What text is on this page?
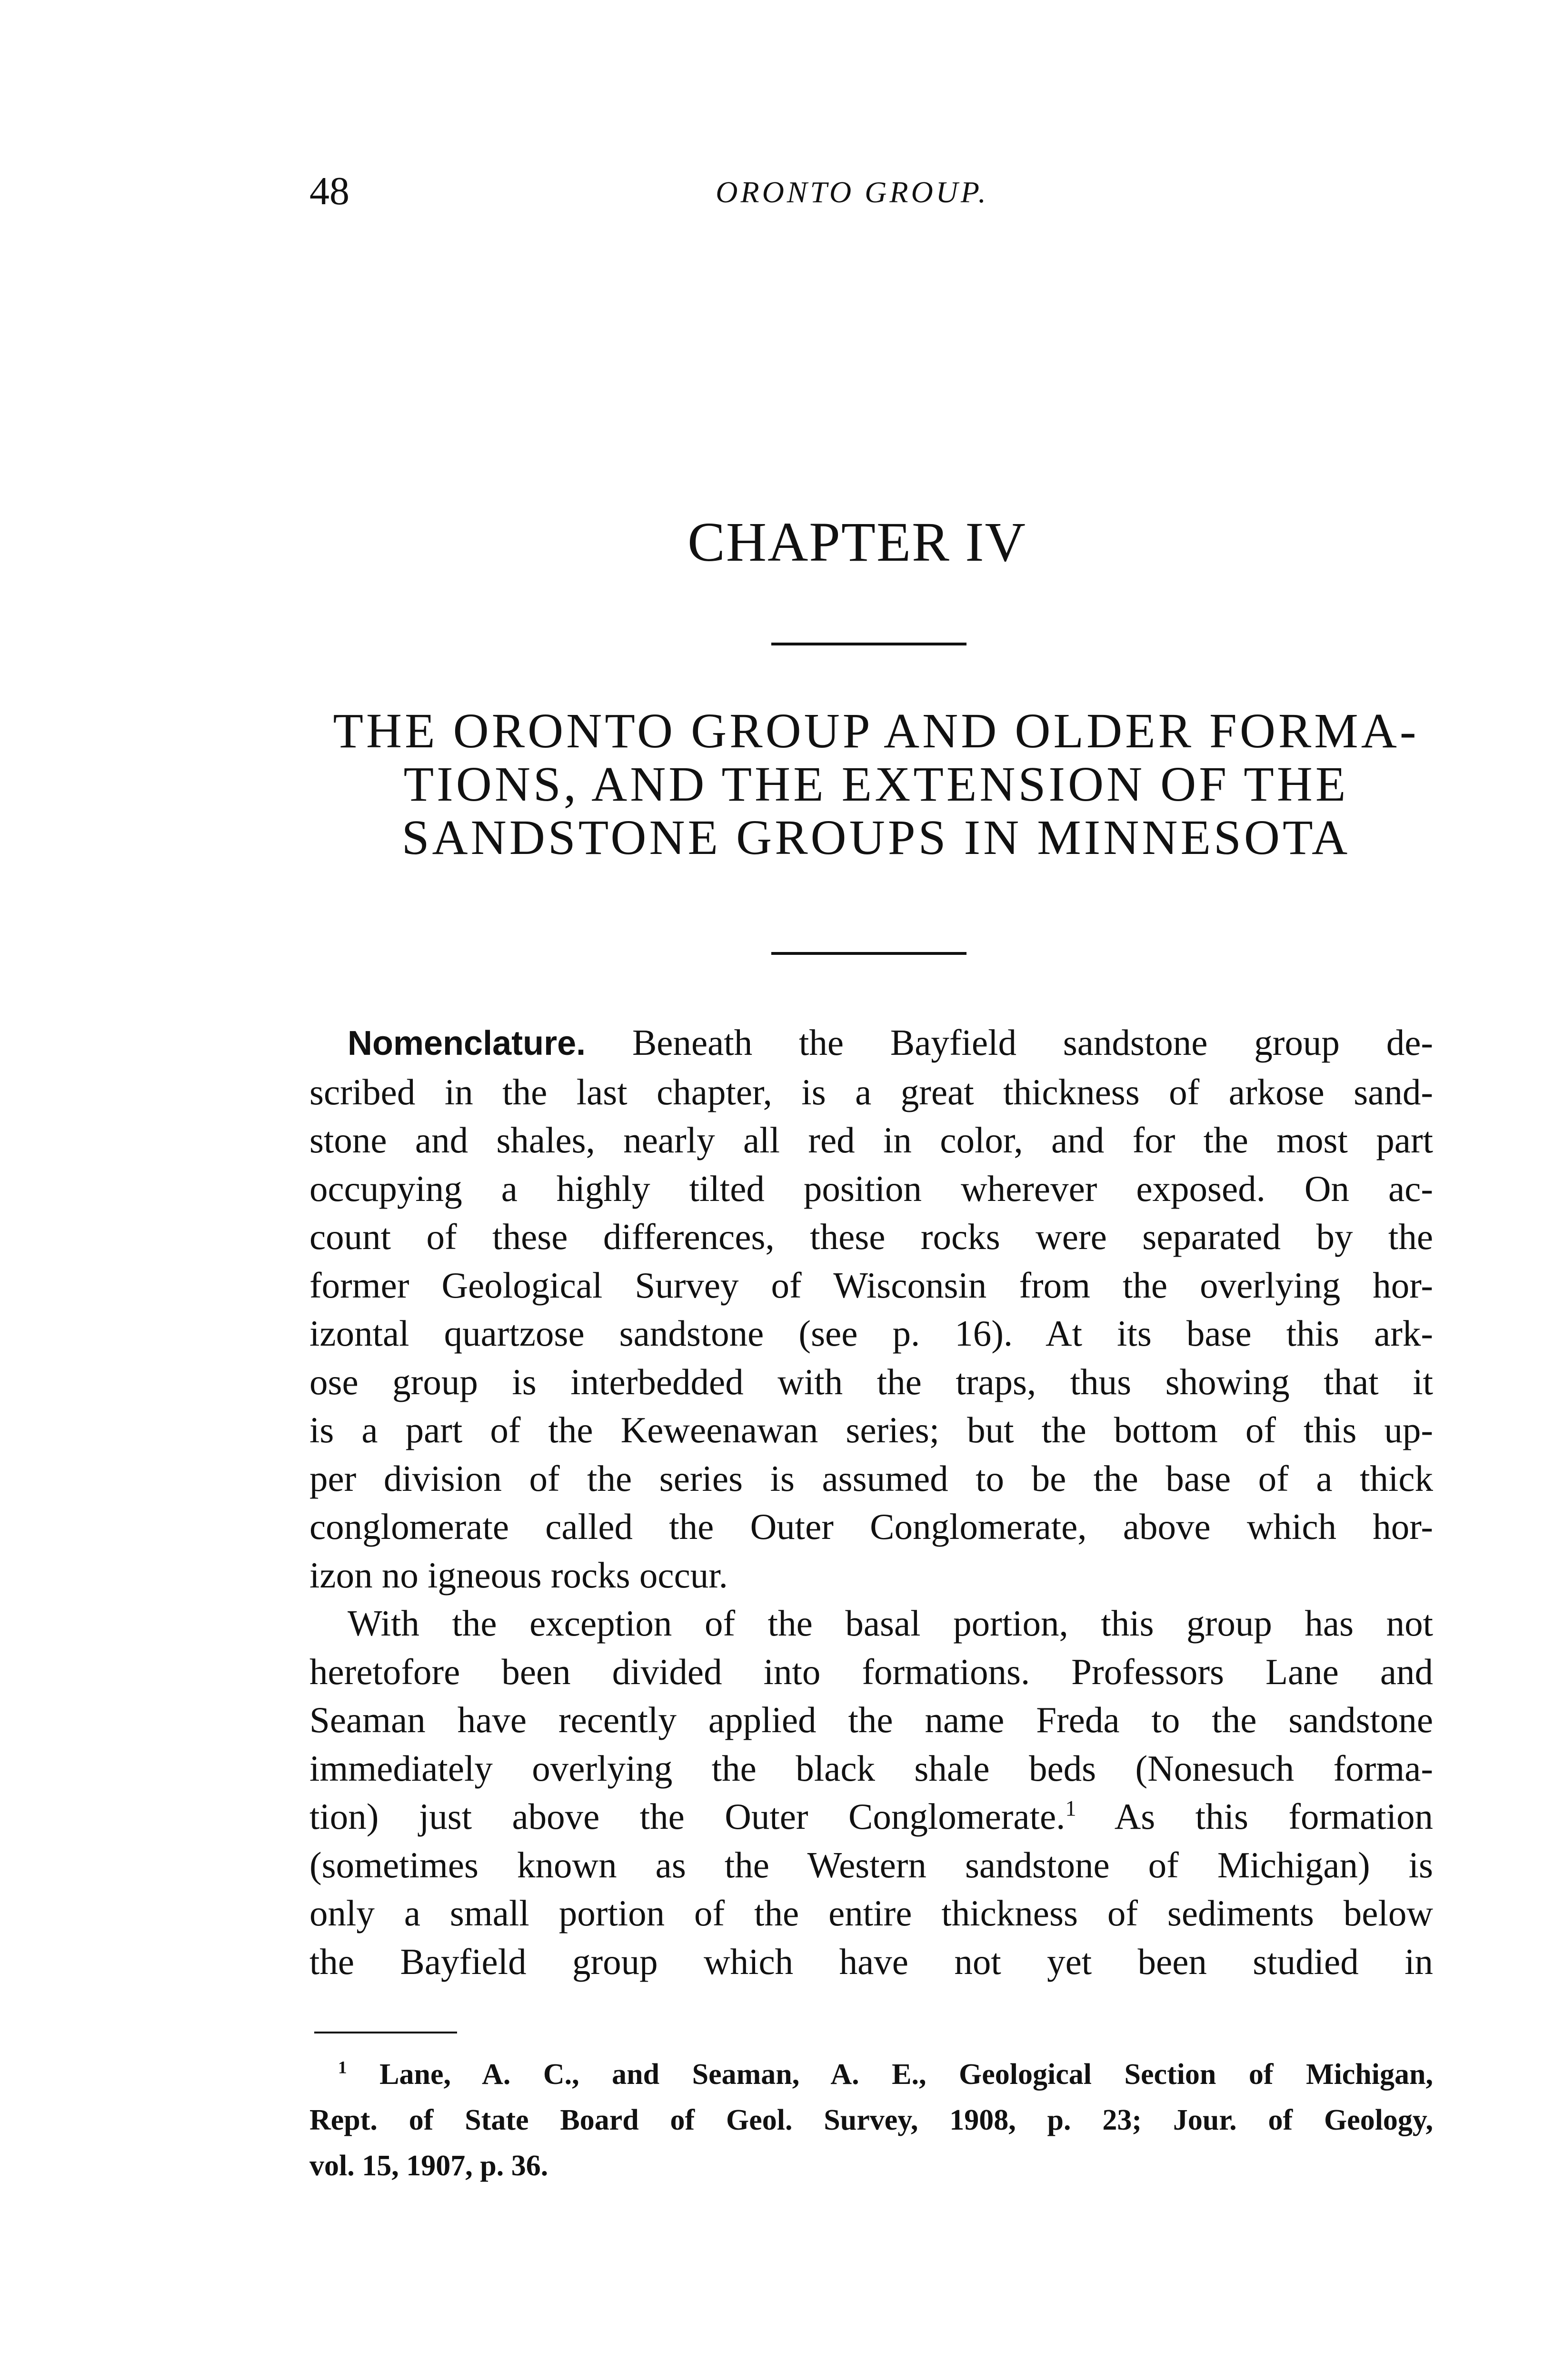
48	ORONTO GROUP.
CHAPTER IV
THE ORONTO GROUP AND OLDER FORMA-
TIONS, AND THE EXTENSION OF THE
SANDSTONE GROUPS IN MINNESOTA
Nomenclature. Beneath the Bayfield sandstone group de-
scribed in the last chapter, is a great thickness of arkose sand-
stone and shales, nearly all red in color, and for the most part
occupying a highly tilted position wherever exposed. On ac-
count of these differences, these rocks were separated by the
former Geological Survey of Wisconsin from the overlying hor-
izontal quartzose sandstone (see p. 16). At its base this ark-
ose group is interbedded with the traps, thus showing that it
is a part of the Keweenawan series; but the bottom of this up-
per division of the series is assumed to be the base of a thick
conglomerate called the Outer Conglomerate, above which hor-
izon no igneous rocks occur.
With the exception of the basal portion, this group has not
heretofore been divided into formations. Professors Lane and
Seaman have recently applied the name Freda to the sandstone
immediately overlying the black shale beds (Nonesuch forma-
tion) just above the Outer Conglomerate.$^1$ As this formation
(sometimes known as the Western sandstone of Michigan) is
only a small portion of the entire thickness of sediments below
the Bayfield group which have not yet been studied in
$^1$ Lane, A. C., and Seaman, A. E., Geological Section of Michigan,
Rept. of State Board of Geol. Survey, 1908, p. 23; Jour. of Geology,
vol. 15, 1907, p. 36.
